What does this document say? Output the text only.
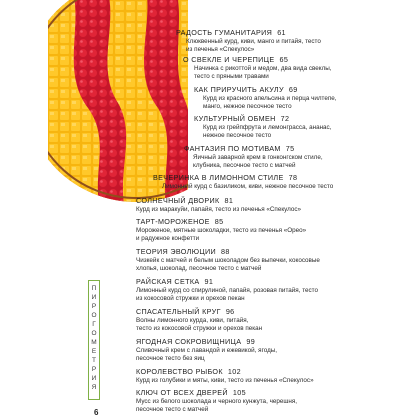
РАДОСТЬ ГУМАНИТАРИЯ 61
Клюквенный курд, киви, манго и питайя, тесто
из печенья «Спекулос»
О СВЕКЛЕ И ЧЕРЕПИЦЕ 65
Начинка с рикоттой и медом, два вида свеклы,
тесто с пряными травами
КАК ПРИРУЧИТЬ АКУЛУ 69
Курд из красного апельсина и перца чилтепе,
манго, нежное песочное тесто
КУЛЬТУРНЫЙ ОБМЕН 72
Курд из грейпфрута и лемонграсса, ананас,
нежное песочное тесто
ФАНТАЗИЯ ПО МОТИВАМ 75
Яичный заварной крем в гонконгском стиле,
клубника, песочное тесто с матчей
ВЕЧЕРИНКА В ЛИМОННОМ СТИЛЕ 78
Лимонный курд с базиликом, киви, нежное песочное тесто
СОЛНЕЧНЫЙ ДВОРИК 81
Курд из маракуйи, папайя, тесто из печенья «Спекулос»
ТАРТ-МОРОЖЕНОЕ 85
Мороженое, мятные шоколадки, тесто из печенья «Орео»
и радужное конфетти
ТЕОРИЯ ЭВОЛЮЦИИ 88
Чизкейк с матчей и белым шоколадом без выпечки, кокосовые
хлопья, шоколад, песочное тесто с матчей
РАЙСКАЯ СЕТКА 91
Лимонный курд со спирулиной, папайя, розовая питайя, тесто
из кокосовой стружки и орехов пекан
СПАСАТЕЛЬНЫЙ КРУГ 96
Волны лимонного курда, киви, питайя,
тесто из кокосовой стружки и орехов пекан
ЯГОДНАЯ СОКРОВИЩНИЦА 99
Сливочный крем с лавандой и ежевикой, ягоды,
песочное тесто без яиц
КОРОЛЕВСТВО РЫБОК 102
Курд из голубики и мяты, киви, тесто из печенья «Спекулос»
КЛЮЧ ОТ ВСЕХ ДВЕРЕЙ 105
Мусс из белого шоколада и черного кунжута, черешня,
песочное тесто с матчей
П
И
Р
О
Г
О
М
Е
Т
Р
И
Я
6
